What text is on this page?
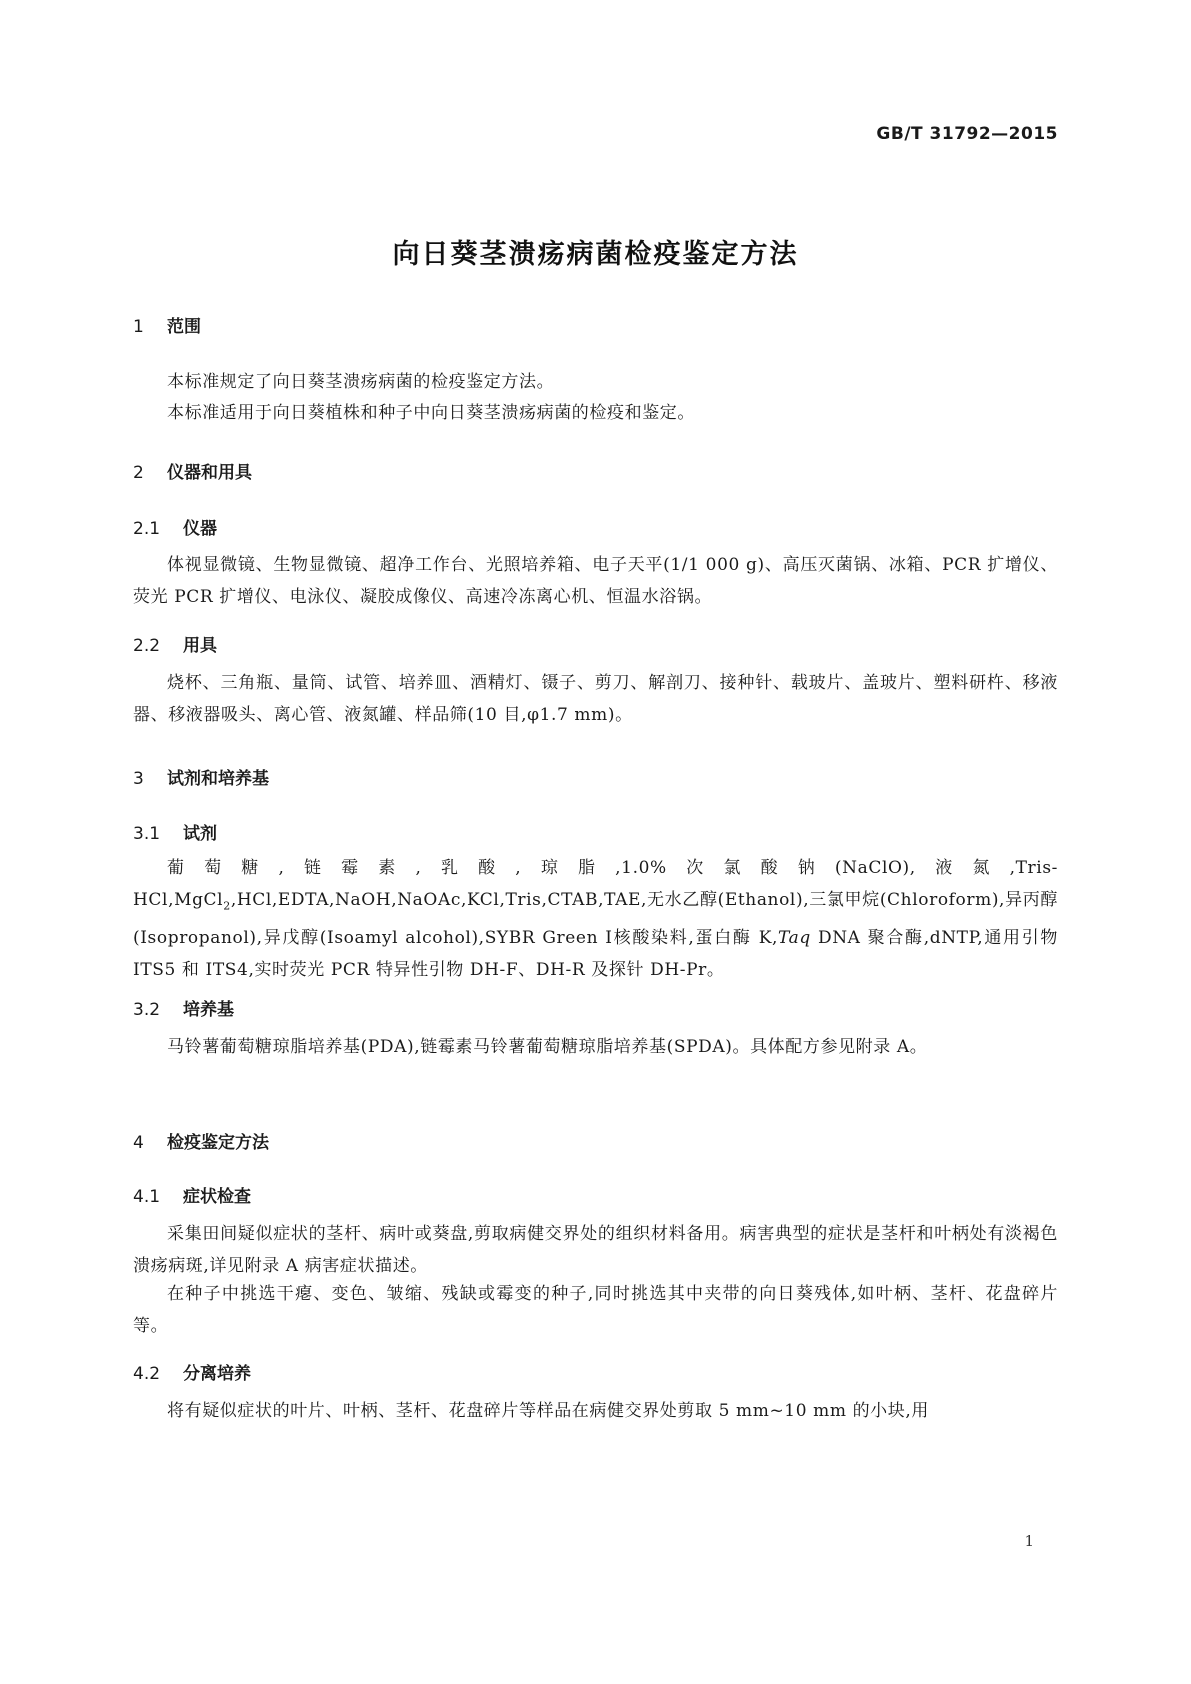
GB/T 31792—2015
向日葵茎溃疡病菌检疫鉴定方法
1 范围
本标准规定了向日葵茎溃疡病菌的检疫鉴定方法。
本标准适用于向日葵植株和种子中向日葵茎溃疡病菌的检疫和鉴定。
2 仪器和用具
2.1 仪器
体视显微镜、生物显微镜、超净工作台、光照培养箱、电子天平(1/1 000 g)、高压灭菌锅、冰箱、PCR 扩增仪、荧光 PCR 扩增仪、电泳仪、凝胶成像仪、高速冷冻离心机、恒温水浴锅。
2.2 用具
烧杯、三角瓶、量筒、试管、培养皿、酒精灯、镊子、剪刀、解剖刀、接种针、载玻片、盖玻片、塑料研杵、移液器、移液器吸头、离心管、液氮罐、样品筛(10 目,φ1.7 mm)。
3 试剂和培养基
3.1 试剂
葡萄糖,链霉素,乳酸,琼脂,1.0%次氯酸钠(NaClO),液氮,Tris-HCl,MgCl$_2$,HCl,EDTA,NaOH,NaOAc,KCl,Tris,CTAB,TAE,无水乙醇(Ethanol),三氯甲烷(Chloroform),异丙醇(Isopropanol),异戊醇(Isoamyl alcohol),SYBR Green Ⅰ核酸染料,蛋白酶 K,Taq DNA 聚合酶,dNTP,通用引物 ITS5 和 ITS4,实时荧光 PCR 特异性引物 DH-F、DH-R 及探针 DH-Pr。
3.2 培养基
马铃薯葡萄糖琼脂培养基(PDA),链霉素马铃薯葡萄糖琼脂培养基(SPDA)。具体配方参见附录 A。
4 检疫鉴定方法
4.1 症状检查
采集田间疑似症状的茎杆、病叶或葵盘,剪取病健交界处的组织材料备用。病害典型的症状是茎杆和叶柄处有淡褐色溃疡病斑,详见附录 A 病害症状描述。
在种子中挑选干瘪、变色、皱缩、残缺或霉变的种子,同时挑选其中夹带的向日葵残体,如叶柄、茎杆、花盘碎片等。
4.2 分离培养
将有疑似症状的叶片、叶柄、茎杆、花盘碎片等样品在病健交界处剪取 5 mm~10 mm 的小块,用
1
